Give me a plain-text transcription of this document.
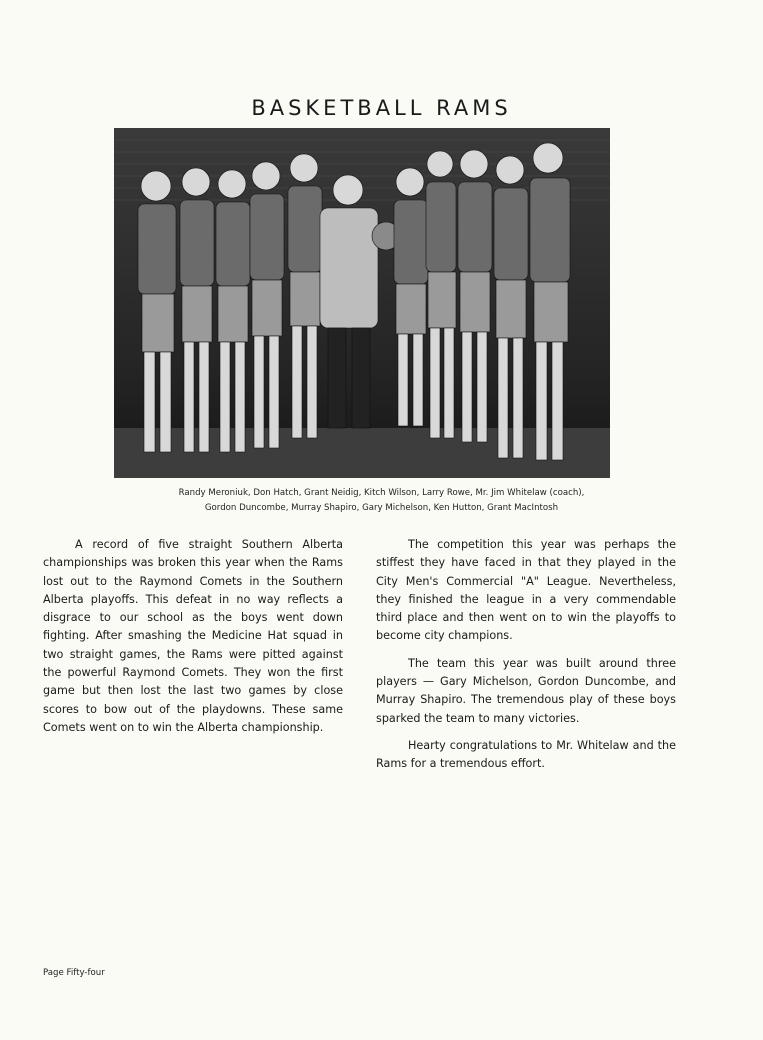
BASKETBALL RAMS
Randy Meroniuk, Don Hatch, Grant Neidig, Kitch Wilson, Larry Rowe, Mr. Jim Whitelaw (coach),
Gordon Duncombe, Murray Shapiro, Gary Michelson, Ken Hutton, Grant MacIntosh

A record of five straight Southern Alberta championships was broken this year when the Rams lost out to the Raymond Comets in the Southern Alberta playoffs. This defeat in no way reflects a disgrace to our school as the boys went down fighting. After smashing the Medicine Hat squad in two straight games, the Rams were pitted against the powerful Raymond Comets. They won the first game but then lost the last two games by close scores to bow out of the playdowns. These same Comets went on to win the Alberta championship.

The competition this year was perhaps the stiffest they have faced in that they played in the City Men's Commercial "A" League. Nevertheless, they finished the league in a very commendable third place and then went on to win the playoffs to become city champions.

The team this year was built around three players — Gary Michelson, Gordon Duncombe, and Murray Shapiro. The tremendous play of these boys sparked the team to many victories.

Hearty congratulations to Mr. Whitelaw and the Rams for a tremendous effort.

Page Fifty-four
